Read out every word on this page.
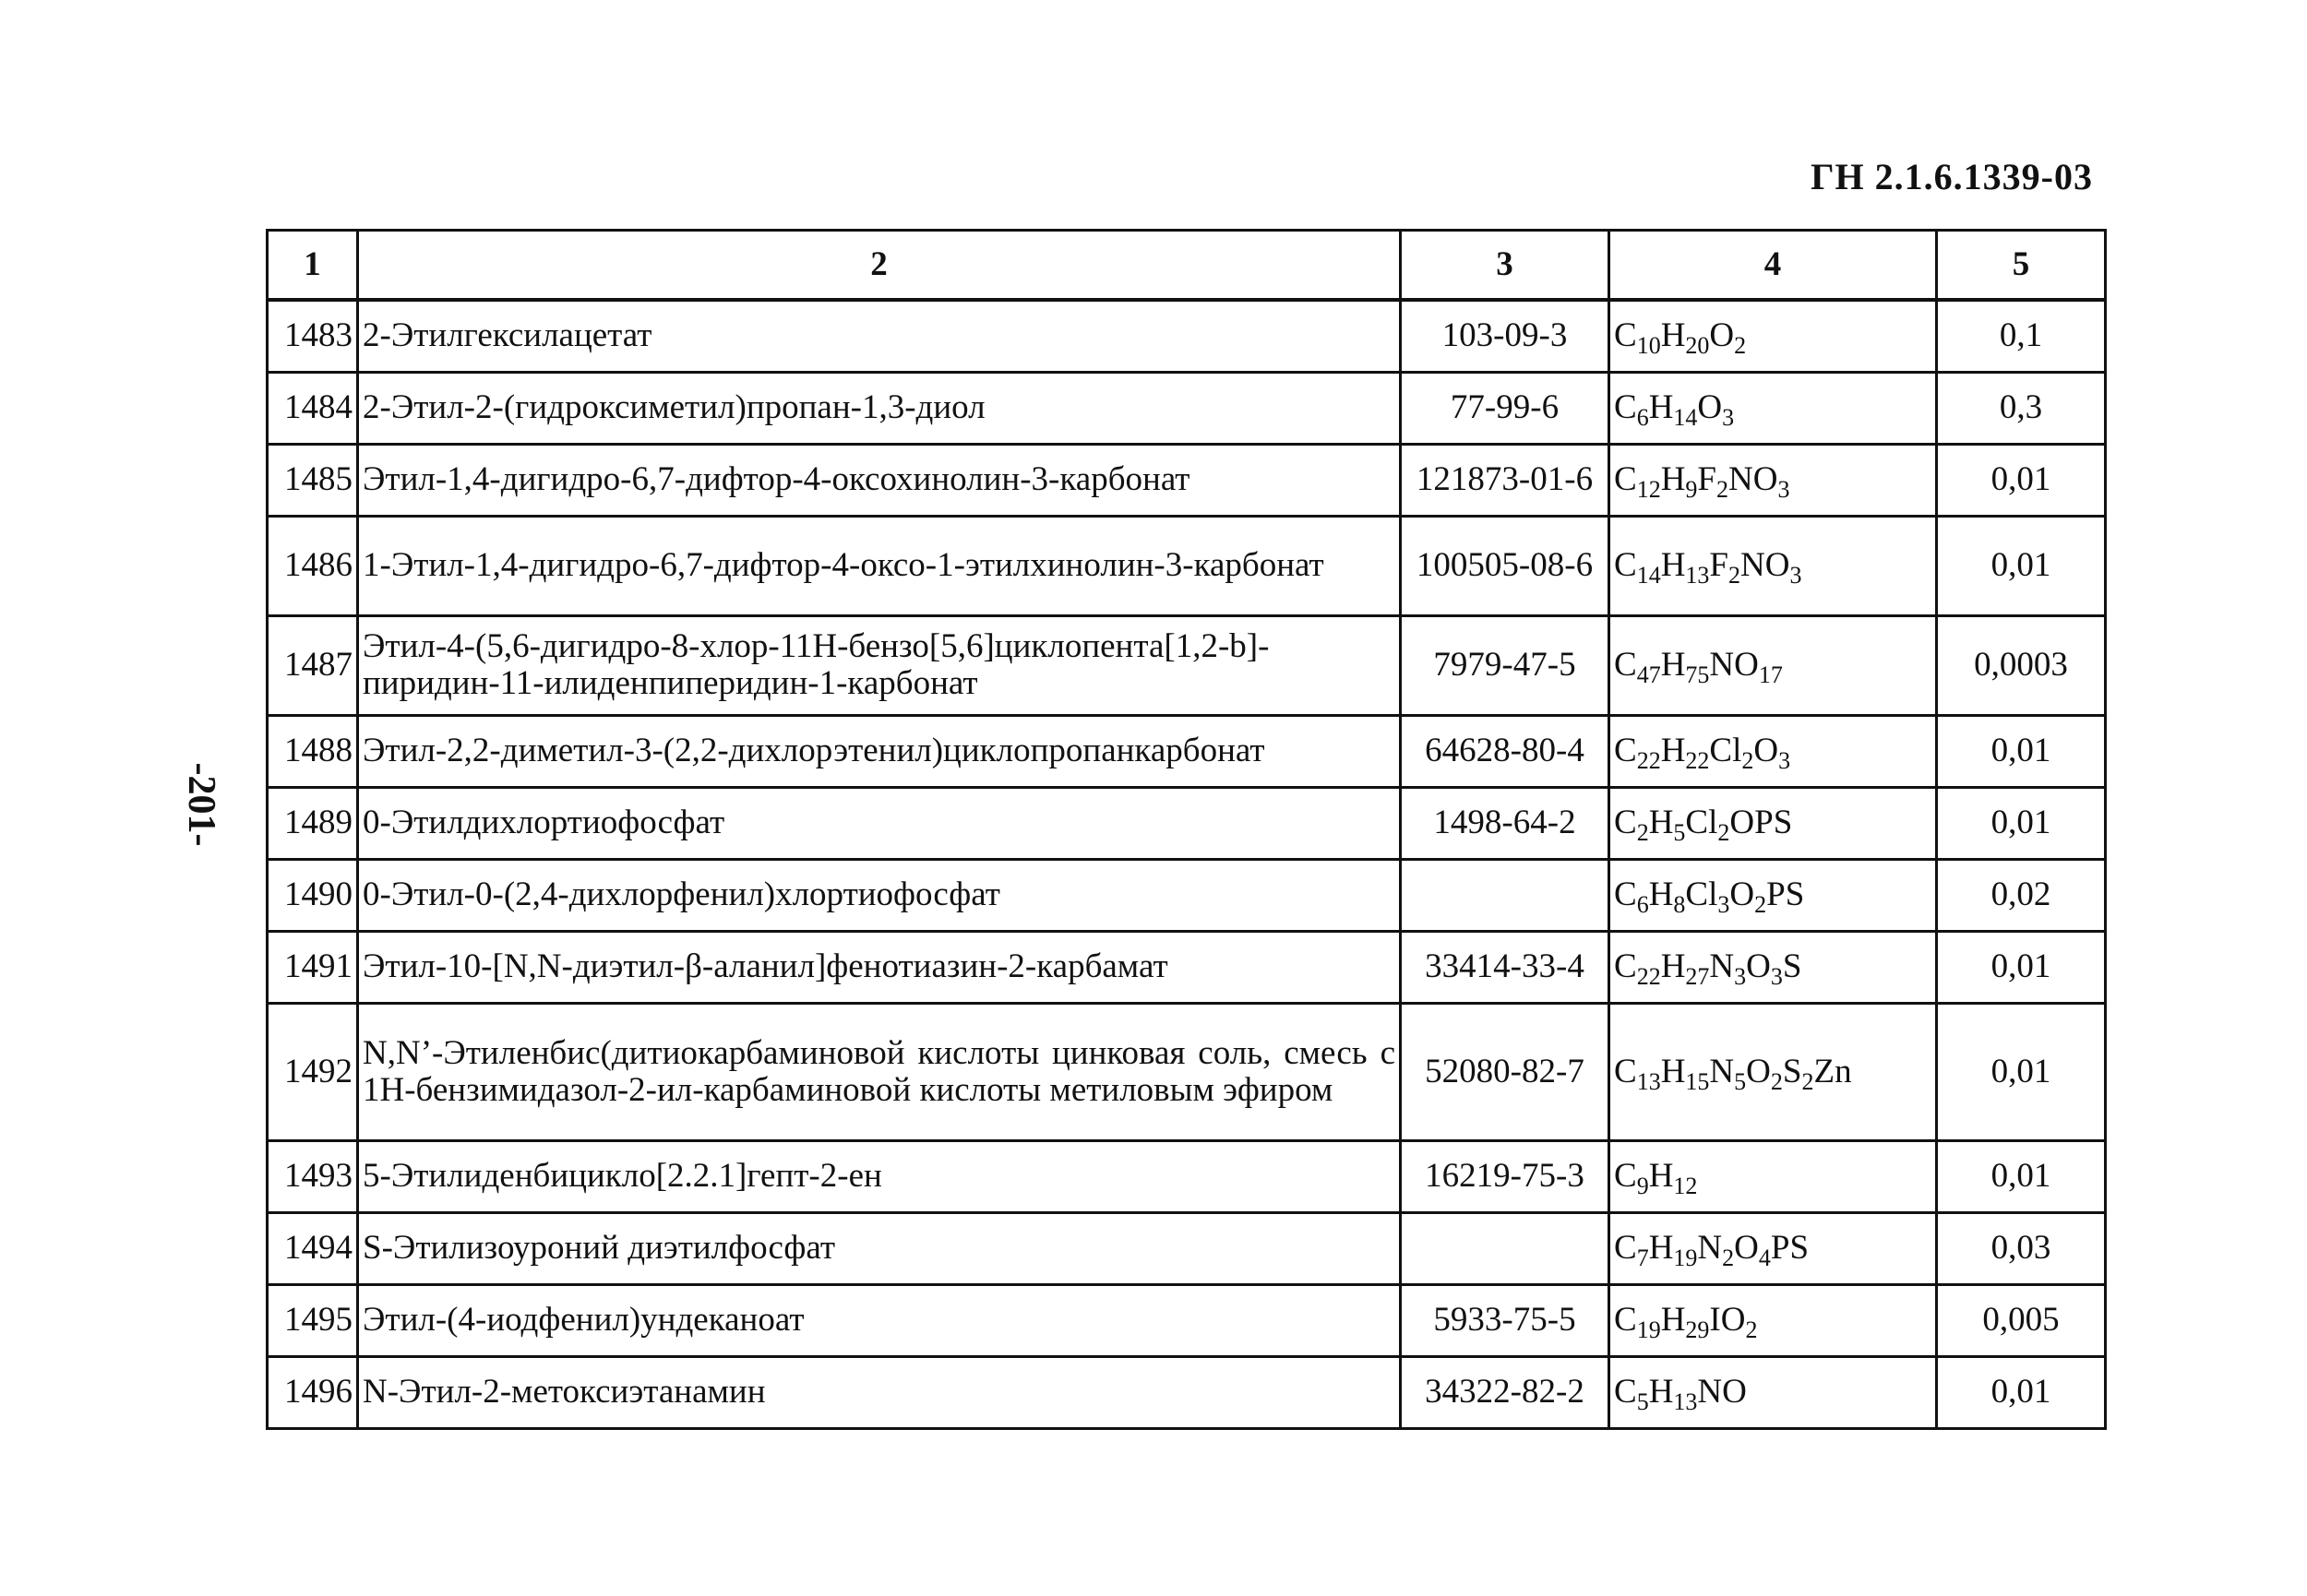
ГН 2.1.6.1339-03
-201-
1	2	3	4	5
1483	2-Этилгексилацетат	103-09-3	$C_{10}H_{20}O_2$	0,1
1484	2-Этил-2-(гидроксиметил)пропан-1,3-диол	77-99-6	$C_6H_{14}O_3$	0,3
1485	Этил-1,4-дигидро-6,7-дифтор-4-оксохинолин-3-карбонат	121873-01-6	$C_{12}H_9F_2NO_3$	0,01
1486	1-Этил-1,4-дигидро-6,7-дифтор-4-оксо-1-этилхинолин-3-карбонат	100505-08-6	$C_{14}H_{13}F_2NO_3$	0,01
1487	Этил-4-(5,6-дигидро-8-хлор-11Н-бензо[5,6]циклопента[1,2-b]-пиридин-11-илиденпиперидин-1-карбонат	7979-47-5	$C_{47}H_{75}NO_{17}$	0,0003
1488	Этил-2,2-диметил-3-(2,2-дихлорэтенил)циклопропанкарбонат	64628-80-4	$C_{22}H_{22}Cl_2O_3$	0,01
1489	0-Этилдихлортиофосфат	1498-64-2	$C_2H_5Cl_2OPS$	0,01
1490	0-Этил-0-(2,4-дихлорфенил)хлортиофосфат		$C_6H_8Cl_3O_2PS$	0,02
1491	Этил-10-[N,N-диэтил-β-аланил]фенотиазин-2-карбамат	33414-33-4	$C_{22}H_{27}N_3O_3S$	0,01
1492	N,N’-Этиленбис(дитиокарбаминовой кислоты цинковая соль, смесь с 1Н-бензимидазол-2-ил-карбаминовой кислоты метиловым эфиром	52080-82-7	$C_{13}H_{15}N_5O_2S_2Zn$	0,01
1493	5-Этилиденбицикло[2.2.1]гепт-2-ен	16219-75-3	$C_9H_{12}$	0,01
1494	S-Этилизоуроний диэтилфосфат		$C_7H_{19}N_2O_4PS$	0,03
1495	Этил-(4-иодфенил)ундеканоат	5933-75-5	$C_{19}H_{29}IO_2$	0,005
1496	N-Этил-2-метоксиэтанамин	34322-82-2	$C_5H_{13}NO$	0,01
